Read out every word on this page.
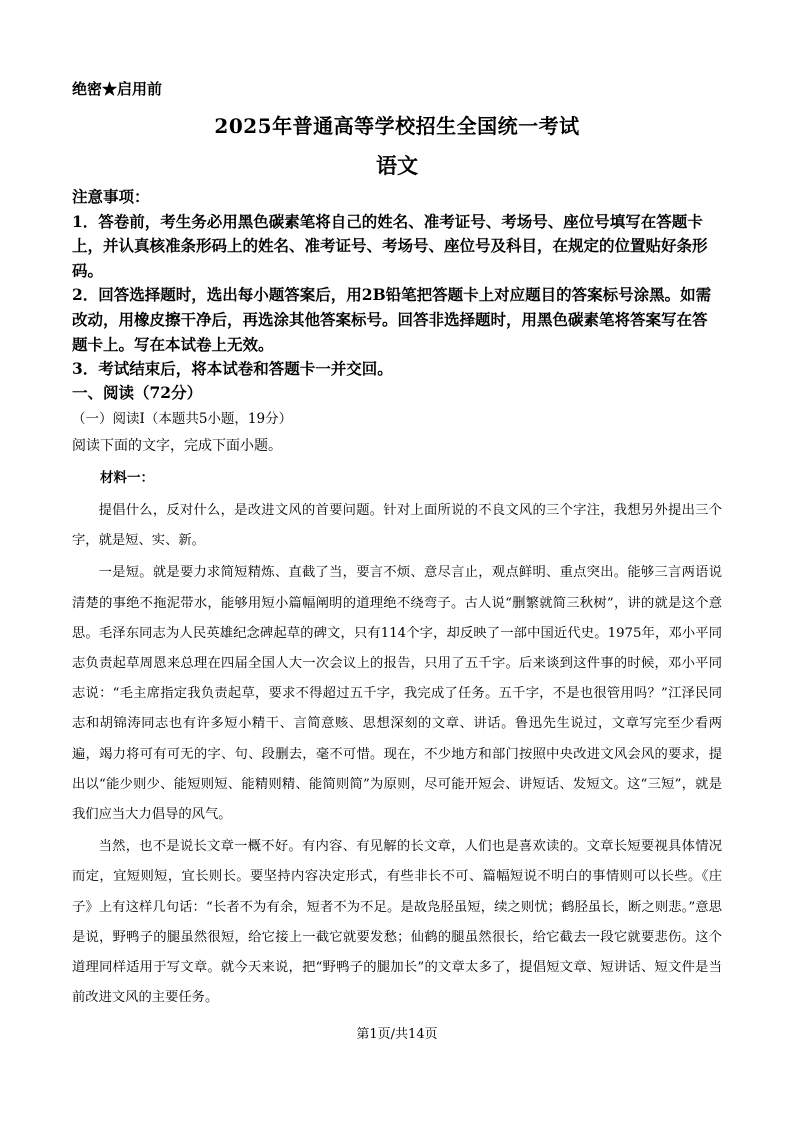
绝密★启用前
2025年普通高等学校招生全国统一考试
语文

注意事项：

1．答卷前，考生务必用黑色碳素笔将自己的姓名、准考证号、考场号、座位号填写在答题卡上，并认真核准条形码上的姓名、准考证号、考场号、座位号及科目，在规定的位置贴好条形码。

2．回答选择题时，选出每小题答案后，用2B铅笔把答题卡上对应题目的答案标号涂黑。如需改动，用橡皮擦干净后，再选涂其他答案标号。回答非选择题时，用黑色碳素笔将答案写在答题卡上。写在本试卷上无效。

3．考试结束后，将本试卷和答题卡一并交回。

一、阅读（72分）
（一）阅读Ⅰ（本题共5小题，19分）
阅读下面的文字，完成下面小题。
材料一：

提倡什么，反对什么，是改进文风的首要问题。针对上面所说的不良文风的三个字注，我想另外提出三个字，就是短、实、新。

一是短。就是要力求简短精炼、直截了当，要言不烦、意尽言止，观点鲜明、重点突出。能够三言两语说清楚的事绝不拖泥带水，能够用短小篇幅阐明的道理绝不绕弯子。古人说“删繁就简三秋树”，讲的就是这个意思。毛泽东同志为人民英雄纪念碑起草的碑文，只有114个字，却反映了一部中国近代史。1975年，邓小平同志负责起草周恩来总理在四届全国人大一次会议上的报告，只用了五千字。后来谈到这件事的时候，邓小平同志说：“毛主席指定我负责起草，要求不得超过五千字，我完成了任务。五千字，不是也很管用吗？”江泽民同志和胡锦涛同志也有许多短小精干、言简意赅、思想深刻的文章、讲话。鲁迅先生说过，文章写完至少看两遍，竭力将可有可无的字、句、段删去，毫不可惜。现在，不少地方和部门按照中央改进文风会风的要求，提出以“能少则少、能短则短、能精则精、能简则简”为原则，尽可能开短会、讲短话、发短文。这“三短”，就是我们应当大力倡导的风气。

当然，也不是说长文章一概不好。有内容、有见解的长文章，人们也是喜欢读的。文章长短要视具体情况而定，宜短则短，宜长则长。要坚持内容决定形式，有些非长不可、篇幅短说不明白的事情则可以长些。《庄子》上有这样几句话：“长者不为有余，短者不为不足。是故凫胫虽短，续之则忧；鹤胫虽长，断之则悲。”意思是说，野鸭子的腿虽然很短，给它接上一截它就要发愁；仙鹤的腿虽然很长，给它截去一段它就要悲伤。这个道理同样适用于写文章。就今天来说，把“野鸭子的腿加长”的文章太多了，提倡短文章、短讲话、短文件是当前改进文风的主要任务。

第1页/共14页
